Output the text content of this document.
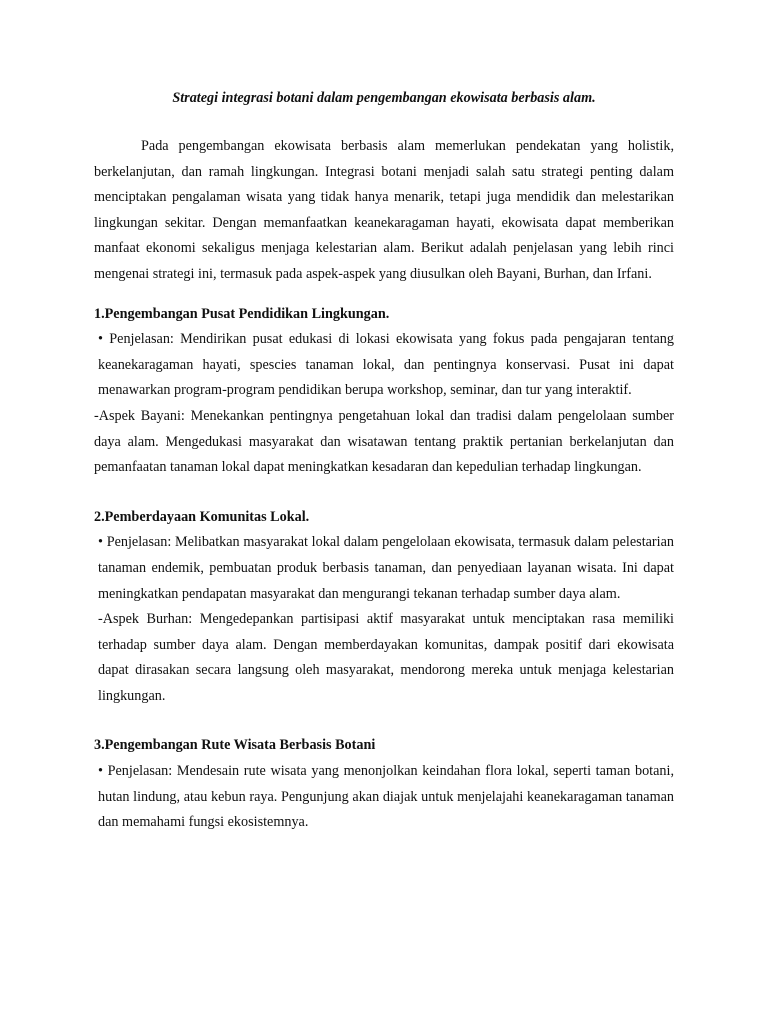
Strategi integrasi botani dalam pengembangan ekowisata berbasis alam.

Pada pengembangan ekowisata berbasis alam memerlukan pendekatan yang holistik, berkelanjutan, dan ramah lingkungan. Integrasi botani menjadi salah satu strategi penting dalam menciptakan pengalaman wisata yang tidak hanya menarik, tetapi juga mendidik dan melestarikan lingkungan sekitar. Dengan memanfaatkan keanekaragaman hayati, ekowisata dapat memberikan manfaat ekonomi sekaligus menjaga kelestarian alam. Berikut adalah penjelasan yang lebih rinci mengenai strategi ini, termasuk pada aspek-aspek yang diusulkan oleh Bayani, Burhan, dan Irfani.

1.Pengembangan Pusat Pendidikan Lingkungan.

• Penjelasan: Mendirikan pusat edukasi di lokasi ekowisata yang fokus pada pengajaran tentang keanekaragaman hayati, spescies tanaman lokal, dan pentingnya konservasi. Pusat ini dapat menawarkan program-program pendidikan berupa workshop, seminar, dan tur yang interaktif.

-Aspek Bayani: Menekankan pentingnya pengetahuan lokal dan tradisi dalam pengelolaan sumber daya alam. Mengedukasi masyarakat dan wisatawan tentang praktik pertanian berkelanjutan dan pemanfaatan tanaman lokal dapat meningkatkan kesadaran dan kepedulian terhadap lingkungan.

2.Pemberdayaan Komunitas Lokal.

• Penjelasan: Melibatkan masyarakat lokal dalam pengelolaan ekowisata, termasuk dalam pelestarian tanaman endemik, pembuatan produk berbasis tanaman, dan penyediaan layanan wisata. Ini dapat meningkatkan pendapatan masyarakat dan mengurangi tekanan terhadap sumber daya alam.

-Aspek Burhan: Mengedepankan partisipasi aktif masyarakat untuk menciptakan rasa memiliki terhadap sumber daya alam. Dengan memberdayakan komunitas, dampak positif dari ekowisata dapat dirasakan secara langsung oleh masyarakat, mendorong mereka untuk menjaga kelestarian lingkungan.

3.Pengembangan Rute Wisata Berbasis Botani

• Penjelasan: Mendesain rute wisata yang menonjolkan keindahan flora lokal, seperti taman botani, hutan lindung, atau kebun raya. Pengunjung akan diajak untuk menjelajahi keanekaragaman tanaman dan memahami fungsi ekosistemnya.
